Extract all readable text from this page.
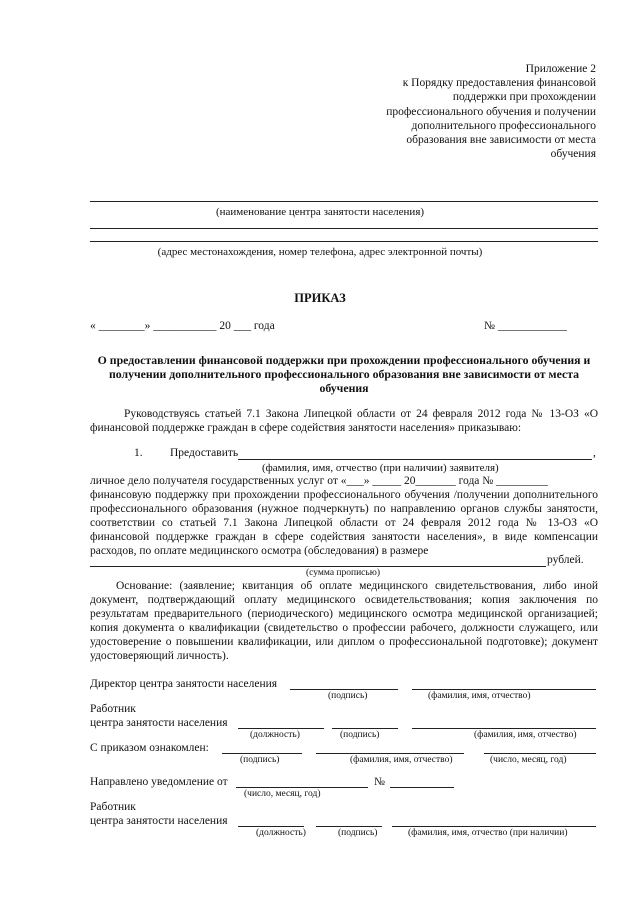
Приложение 2
к Порядку предоставления финансовой
поддержки при прохождении
профессионального обучения и получении
дополнительного профессионального
образования вне зависимости от места
обучения
(наименование центра занятости населения)
(адрес местонахождения, номер телефона, адрес электронной почты)
ПРИКАЗ
« ________» ___________ 20 ___ года	№ ____________
О предоставлении финансовой поддержки при прохождении профессионального обучения и получении дополнительного профессионального образования вне зависимости от места обучения
Руководствуясь статьей 7.1 Закона Липецкой области от 24 февраля 2012 года № 13-ОЗ «О финансовой поддержке граждан в сфере содействия занятости населения» приказываю:
1. Предоставить	,
(фамилия, имя, отчество (при наличии) заявителя)
личное дело получателя государственных услуг от «___» _____ 20_______ года № _________
финансовую поддержку при прохождении профессионального обучения /получении дополнительного профессионального образования (нужное подчеркнуть) по направлению органов службы занятости, соответствии со статьей 7.1 Закона Липецкой области от 24 февраля 2012 года № 13-ОЗ «О финансовой поддержке граждан в сфере содействия занятости населения», в виде компенсации расходов, по оплате медицинского осмотра (обследования) в размере
рублей.
(сумма прописью)
Основание: (заявление; квитанция об оплате медицинского свидетельствования, либо иной документ, подтверждающий оплату медицинского освидетельствования; копия заключения по результатам предварительного (периодического) медицинского осмотра медицинской организацией; копия документа о квалификации (свидетельство о профессии рабочего, должности служащего, или удостоверение о повышении квалификации, или диплом о профессиональной подготовке); документ удостоверяющий личность).
Директор центра занятости населения
(подпись)	(фамилия, имя, отчество)
Работник
центра занятости населения
(должность)	(подпись)	(фамилия, имя, отчество)
С приказом ознакомлен:
(подпись)	(фамилия, имя, отчество)	(число, месяц, год)
Направлено уведомление от	№
(число, месяц, год)
Работник
центра занятости населения
(должность)	(подпись)	(фамилия, имя, отчество (при наличии)
